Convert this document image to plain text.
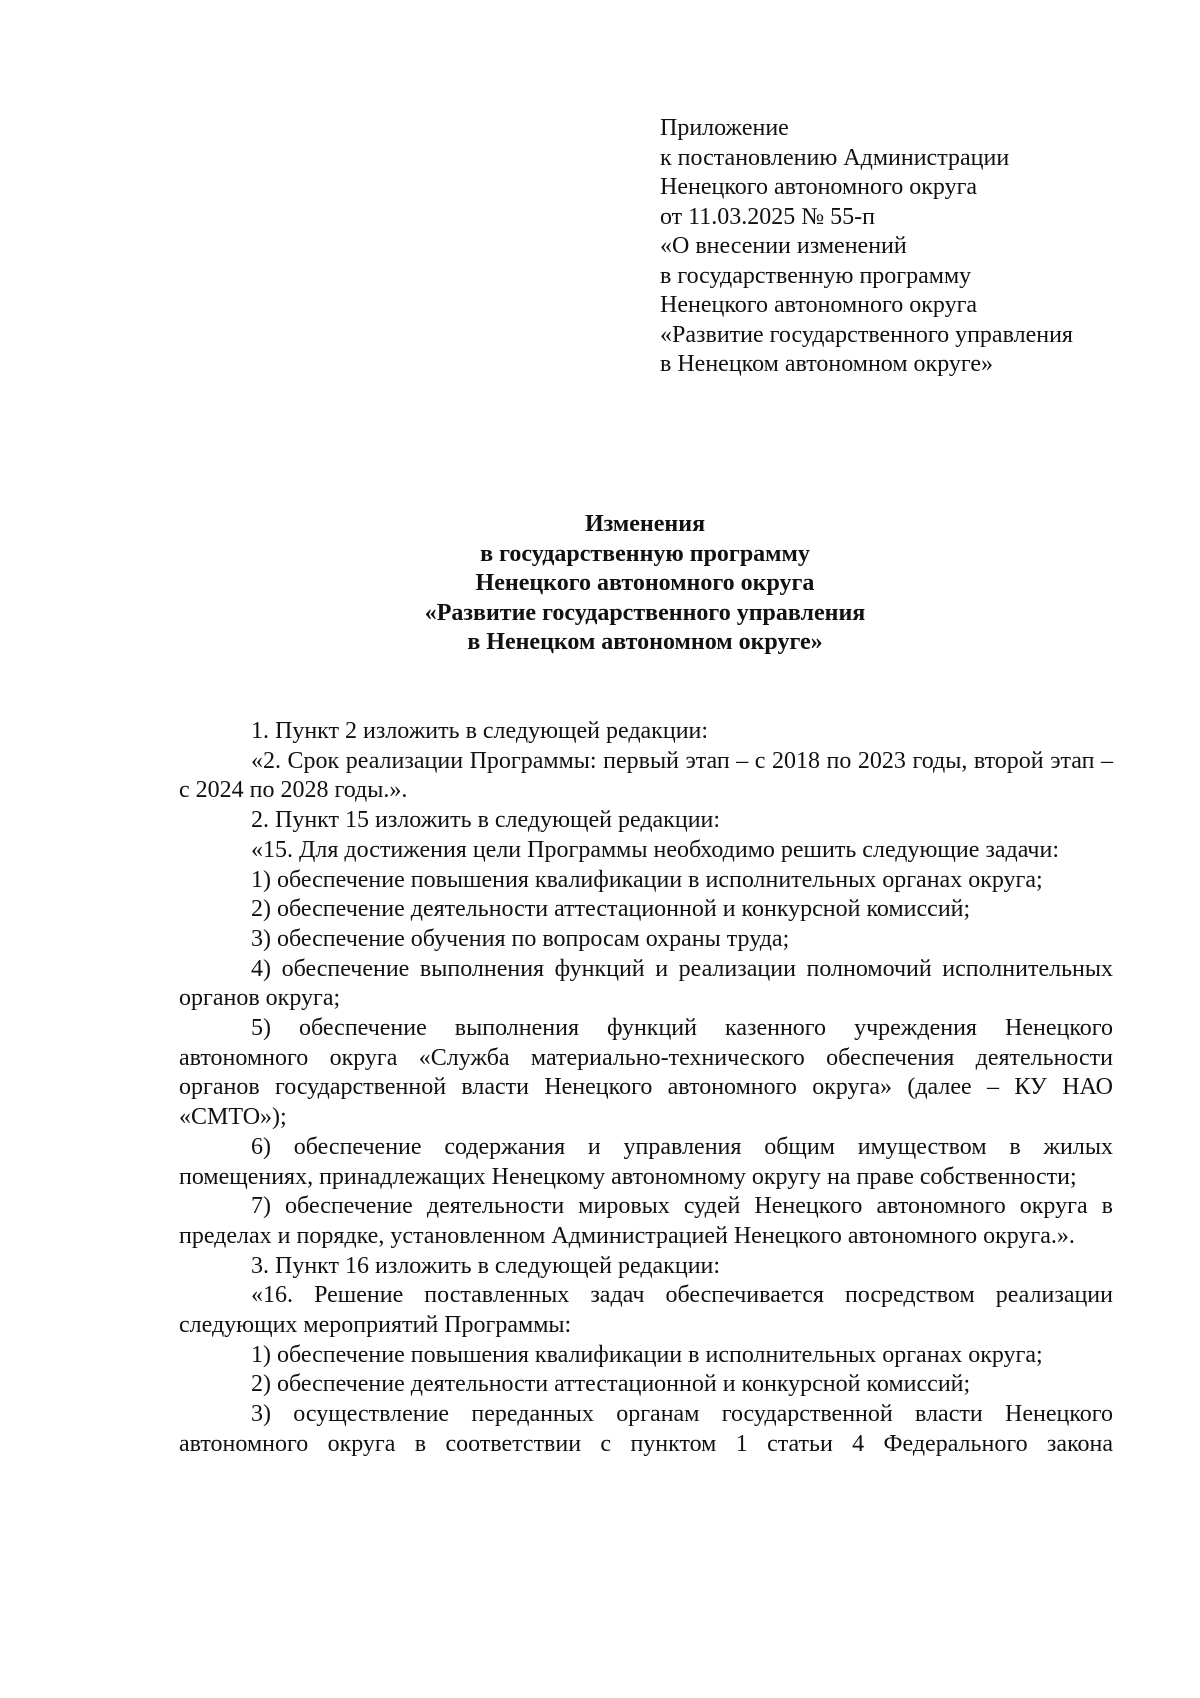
Приложение
к постановлению Администрации
Ненецкого автономного округа
от 11.03.2025 № 55-п
«О внесении изменений
в государственную программу
Ненецкого автономного округа
«Развитие государственного управления
в Ненецком автономном округе»
Изменения
в государственную программу
Ненецкого автономного округа
«Развитие государственного управления
в Ненецком автономном округе»

1. Пункт 2 изложить в следующей редакции:

«2. Срок реализации Программы: первый этап – с 2018 по 2023 годы, второй этап – с 2024 по 2028 годы.».

2. Пункт 15 изложить в следующей редакции:

«15. Для достижения цели Программы необходимо решить следующие задачи:

1) обеспечение повышения квалификации в исполнительных органах округа;

2) обеспечение деятельности аттестационной и конкурсной комиссий;

3) обеспечение обучения по вопросам охраны труда;

4) обеспечение выполнения функций и реализации полномочий исполнительных органов округа;

5) обеспечение выполнения функций казенного учреждения Ненецкого автономного округа «Служба материально-технического обеспечения деятельности органов государственной власти Ненецкого автономного округа» (далее – КУ НАО «СМТО»);

6) обеспечение содержания и управления общим имуществом в жилых помещениях, принадлежащих Ненецкому автономному округу на праве собственности;

7) обеспечение деятельности мировых судей Ненецкого автономного округа в пределах и порядке, установленном Администрацией Ненецкого автономного округа.».

3. Пункт 16 изложить в следующей редакции:

«16. Решение поставленных задач обеспечивается посредством реализации следующих мероприятий Программы:

1) обеспечение повышения квалификации в исполнительных органах округа;

2) обеспечение деятельности аттестационной и конкурсной комиссий;

3) осуществление переданных органам государственной власти Ненецкого автономного округа в соответствии с пунктом 1 статьи 4 Федерального закона
